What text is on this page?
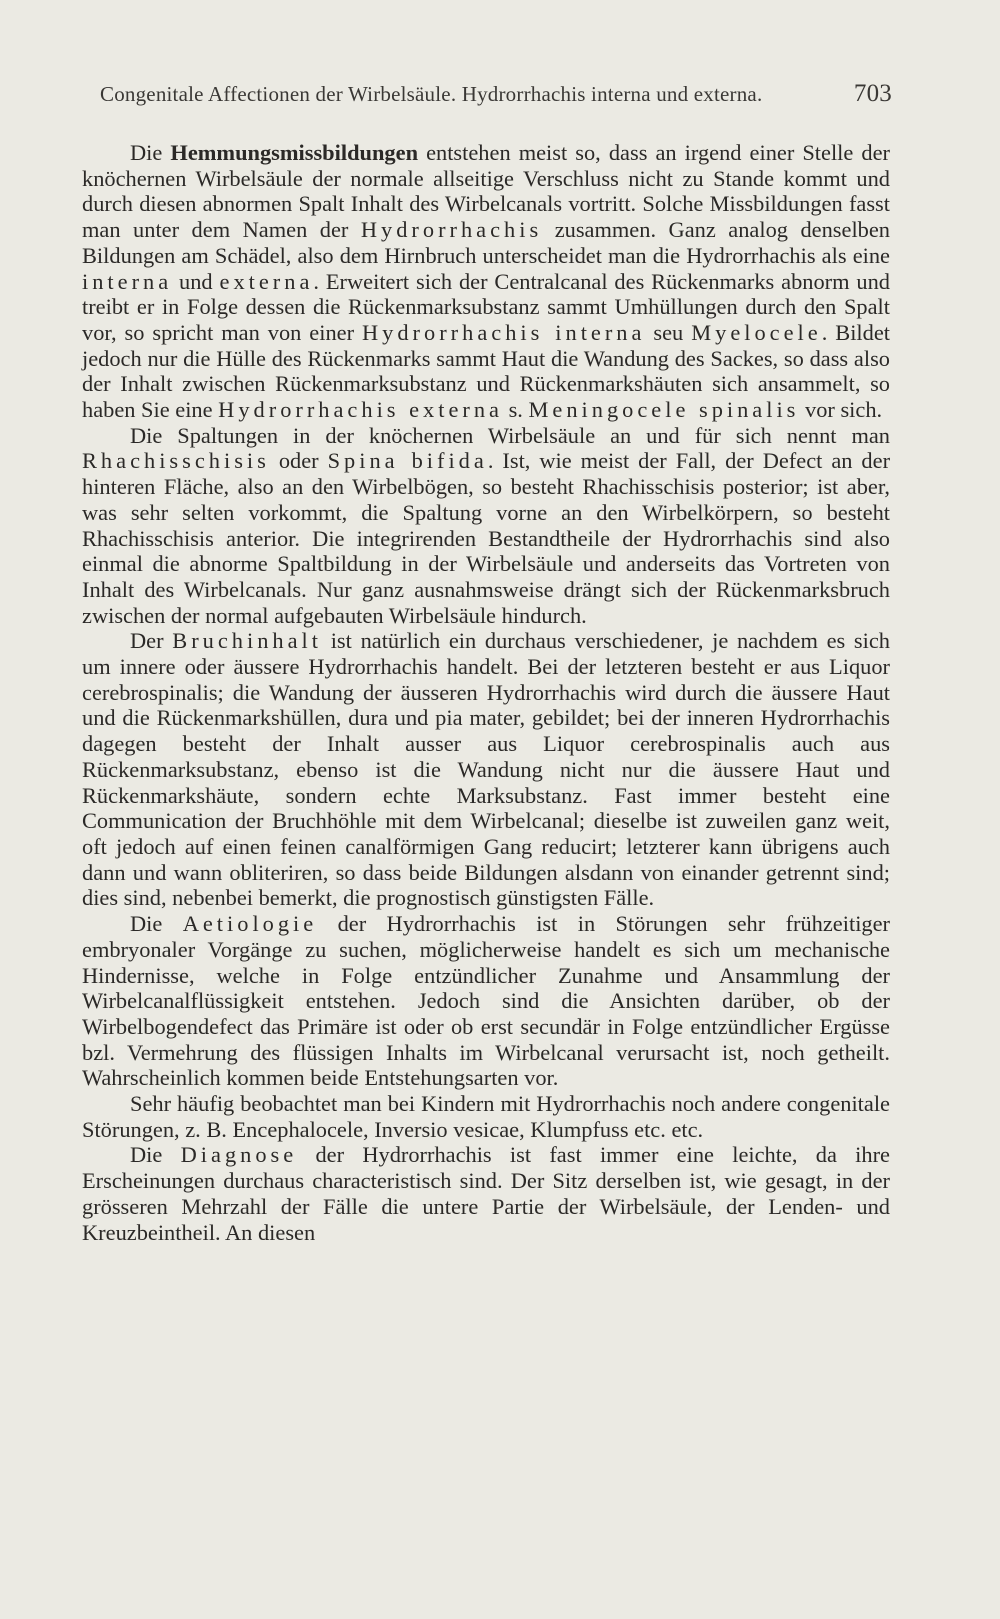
Congenitale Affectionen der Wirbelsäule. Hydrorrhachis interna und externa.	703

Die Hemmungsmissbildungen entstehen meist so, dass an irgend einer Stelle der knöchernen Wirbelsäule der normale allseitige Verschluss nicht zu Stande kommt und durch diesen abnormen Spalt Inhalt des Wirbelcanals vortritt. Solche Missbildungen fasst man unter dem Namen der Hydrorrhachis zusammen. Ganz analog denselben Bildungen am Schädel, also dem Hirnbruch unterscheidet man die Hydrorrhachis als eine interna und externa. Erweitert sich der Centralcanal des Rückenmarks abnorm und treibt er in Folge dessen die Rückenmarksubstanz sammt Umhüllungen durch den Spalt vor, so spricht man von einer Hydrorrhachis interna seu Myelocele. Bildet jedoch nur die Hülle des Rückenmarks sammt Haut die Wandung des Sackes, so dass also der Inhalt zwischen Rückenmarksubstanz und Rückenmarkshäuten sich ansammelt, so haben Sie eine Hydrorrhachis externa s. Meningocele spinalis vor sich.

Die Spaltungen in der knöchernen Wirbelsäule an und für sich nennt man Rhachisschisis oder Spina bifida. Ist, wie meist der Fall, der Defect an der hinteren Fläche, also an den Wirbelbögen, so besteht Rhachisschisis posterior; ist aber, was sehr selten vorkommt, die Spaltung vorne an den Wirbelkörpern, so besteht Rhachisschisis anterior. Die integrirenden Bestandtheile der Hydrorrhachis sind also einmal die abnorme Spaltbildung in der Wirbelsäule und anderseits das Vortreten von Inhalt des Wirbelcanals. Nur ganz ausnahmsweise drängt sich der Rückenmarksbruch zwischen der normal aufgebauten Wirbelsäule hindurch.

Der Bruchinhalt ist natürlich ein durchaus verschiedener, je nachdem es sich um innere oder äussere Hydrorrhachis handelt. Bei der letzteren besteht er aus Liquor cerebrospinalis; die Wandung der äusseren Hydrorrhachis wird durch die äussere Haut und die Rückenmarkshüllen, dura und pia mater, gebildet; bei der inneren Hydrorrhachis dagegen besteht der Inhalt ausser aus Liquor cerebrospinalis auch aus Rückenmarksubstanz, ebenso ist die Wandung nicht nur die äussere Haut und Rückenmarkshäute, sondern echte Marksubstanz. Fast immer besteht eine Communication der Bruchhöhle mit dem Wirbelcanal; dieselbe ist zuweilen ganz weit, oft jedoch auf einen feinen canalförmigen Gang reducirt; letzterer kann übrigens auch dann und wann obliteriren, so dass beide Bildungen alsdann von einander getrennt sind; dies sind, nebenbei bemerkt, die prognostisch günstigsten Fälle.

Die Aetiologie der Hydrorrhachis ist in Störungen sehr frühzeitiger embryonaler Vorgänge zu suchen, möglicherweise handelt es sich um mechanische Hindernisse, welche in Folge entzündlicher Zunahme und Ansammlung der Wirbelcanalflüssigkeit entstehen. Jedoch sind die Ansichten darüber, ob der Wirbelbogendefect das Primäre ist oder ob erst secundär in Folge entzündlicher Ergüsse bzl. Vermehrung des flüssigen Inhalts im Wirbelcanal verursacht ist, noch getheilt. Wahrscheinlich kommen beide Entstehungsarten vor.

Sehr häufig beobachtet man bei Kindern mit Hydrorrhachis noch andere congenitale Störungen, z. B. Encephalocele, Inversio vesicae, Klumpfuss etc. etc.

Die Diagnose der Hydrorrhachis ist fast immer eine leichte, da ihre Erscheinungen durchaus characteristisch sind. Der Sitz derselben ist, wie gesagt, in der grösseren Mehrzahl der Fälle die untere Partie der Wirbelsäule, der Lenden- und Kreuzbeintheil. An diesen
